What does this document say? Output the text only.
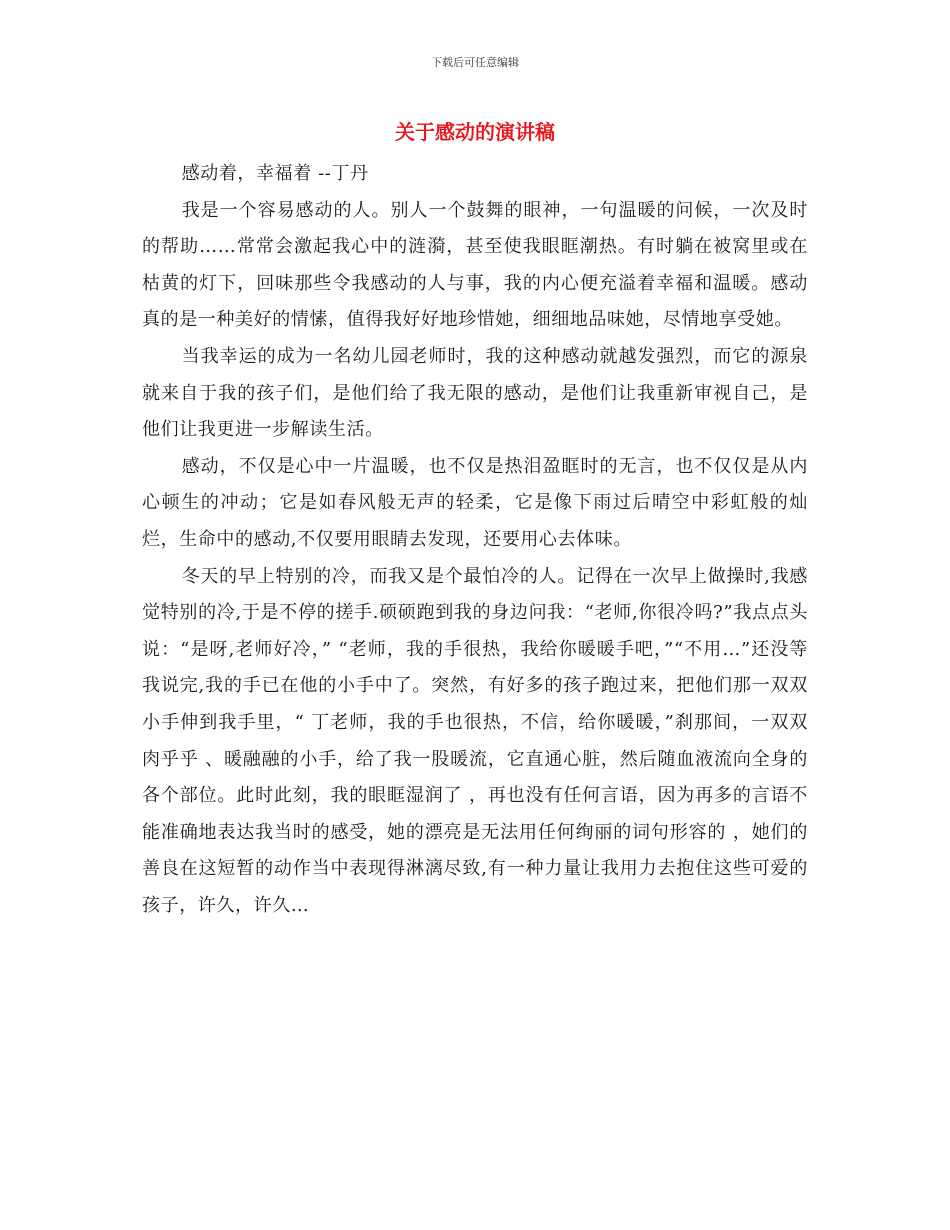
下载后可任意编辑
关于感动的演讲稿

感动着，幸福着 --丁丹

我是一个容易感动的人。别人一个鼓舞的眼神，一句温暖的问候，一次及时的帮助……常常会激起我心中的涟漪，甚至使我眼眶潮热。有时躺在被窝里或在枯黄的灯下，回味那些令我感动的人与事，我的内心便充溢着幸福和温暖。感动真的是一种美好的情愫，值得我好好地珍惜她，细细地品味她，尽情地享受她。

当我幸运的成为一名幼儿园老师时，我的这种感动就越发强烈，而它的源泉就来自于我的孩子们，是他们给了我无限的感动，是他们让我重新审视自己，是他们让我更进一步解读生活。

感动，不仅是心中一片温暖，也不仅是热泪盈眶时的无言，也不仅仅是从内心顿生的冲动；它是如春风般无声的轻柔，它是像下雨过后晴空中彩虹般的灿烂，生命中的感动,不仅要用眼睛去发现，还要用心去体味。

冬天的早上特别的冷，而我又是个最怕冷的人。记得在一次早上做操时,我感觉特别的冷,于是不停的搓手.硕硕跑到我的身边问我：“老师,你很冷吗?”我点点头说：“是呀,老师好冷，” “老师，我的手很热，我给你暖暖手吧，”“不用…”还没等我说完,我的手已在他的小手中了。突然，有好多的孩子跑过来，把他们那一双双小手伸到我手里，“ 丁老师，我的手也很热，不信，给你暖暖，”刹那间，一双双肉乎乎 、暖融融的小手，给了我一股暖流，它直通心脏，然后随血液流向全身的各个部位。此时此刻，我的眼眶湿润了 ，再也没有任何言语，因为再多的言语不能准确地表达我当时的感受，她的漂亮是无法用任何绚丽的词句形容的 ，她们的善良在这短暂的动作当中表现得淋漓尽致,有一种力量让我用力去抱住这些可爱的孩子，许久，许久…
